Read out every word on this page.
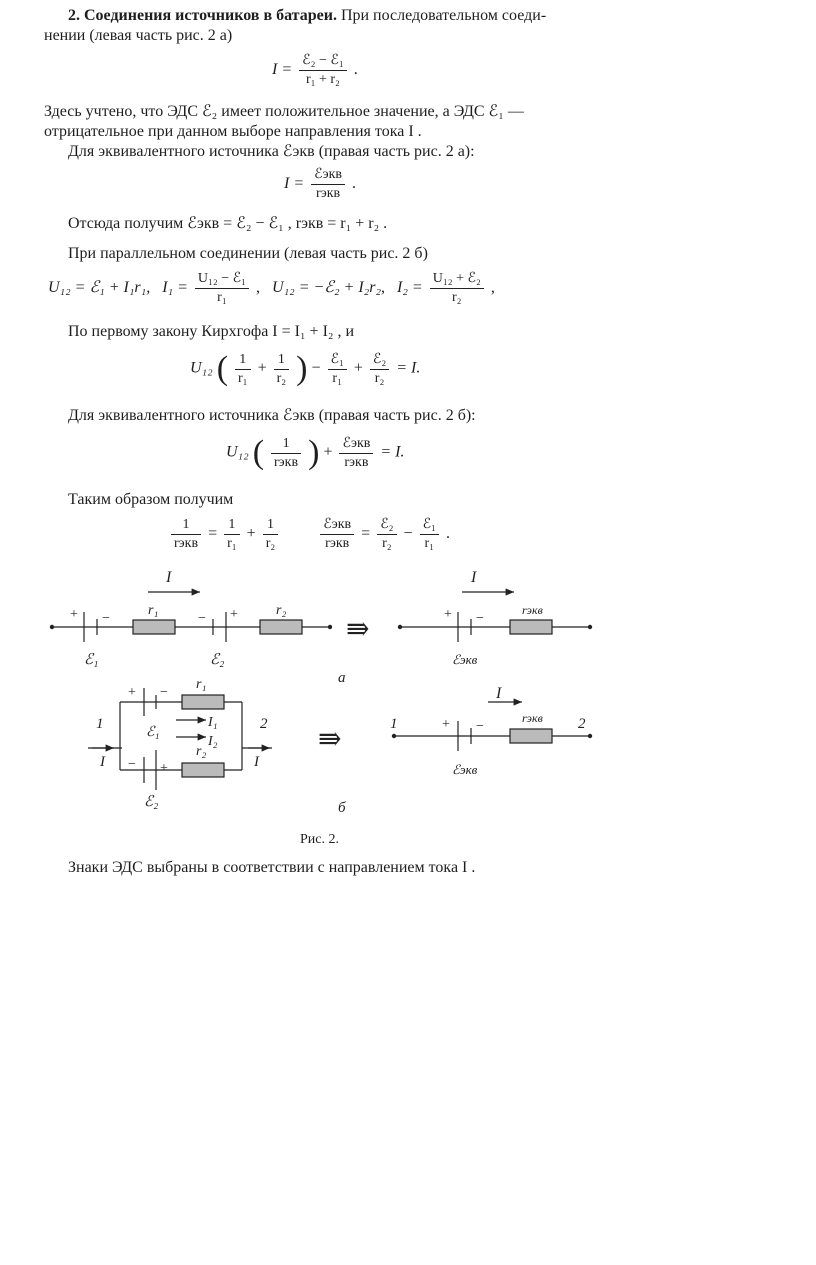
2. Соединения источников в батареи. При последовательном соеди-
нении (левая часть рис. 2 а)
$I = \frac{\text{ℰ₂ − ℰ₁}}{\text{r₁ + r₂}}$ .
Здесь учтено, что ЭДС ℰ₂ имеет положительное значение, а ЭДС ℰ₁ —
отрицательное при данном выборе направления тока I .
Для эквивалентного источника ℰэкв (правая часть рис. 2 а):
$I = \frac{\text{ℰэкв}}{\text{rэкв}}$ .
Отсюда получим ℰэкв = ℰ₂ − ℰ₁ , rэкв = r₁ + r₂ .
При параллельном соединении (левая часть рис. 2 б)
U₁₂ = ℰ₁ + I₁r₁, $I_1 = \frac{\text{U₁₂ − ℰ₁}}{\text{r₁}}$ , U₁₂ = −ℰ₂ + I₂r₂, $I_2 = \frac{\text{U₁₂ + ℰ₂}}{\text{r₂}}$ ,
По первому закону Кирхгофа I = I₁ + I₂ , и
U₁₂ ( $\frac{1}{\text{r₁}} + \frac{1}{\text{r₂}}$ ) − $\frac{\text{ℰ₁}}{\text{r₁}} + \frac{\text{ℰ₂}}{\text{r₂}} = I$.
Для эквивалентного источника ℰэкв (правая часть рис. 2 б):
U₁₂ ( $\frac{1}{\text{rэкв}}$ ) + $\frac{\text{ℰэкв}}{\text{rэкв}} = I$.
Таким образом получим
$\frac{1}{\text{rэкв}} = \frac{1}{\text{r₁}} + \frac{1}{\text{r₂}}$
	$\frac{\text{ℰэкв}}{\text{rэкв}} = \frac{\text{ℰ₂}}{\text{r₂}} - \frac{\text{ℰ₁}}{\text{r₁}}$ .
I
+ −
r₁
− +	r₂
ℰ₁	ℰ₂
⇛
I
+ −
rэкв
ℰэкв
а
+ −
r₁
ℰ₁
I₁
I₂
r₂
− +
ℰ₂
1
I
2
I
⇛	1	+ −
I
rэкв 2
ℰэкв
б
Рис. 2.
Знаки ЭДС выбраны в соответствии с направлением тока I .
